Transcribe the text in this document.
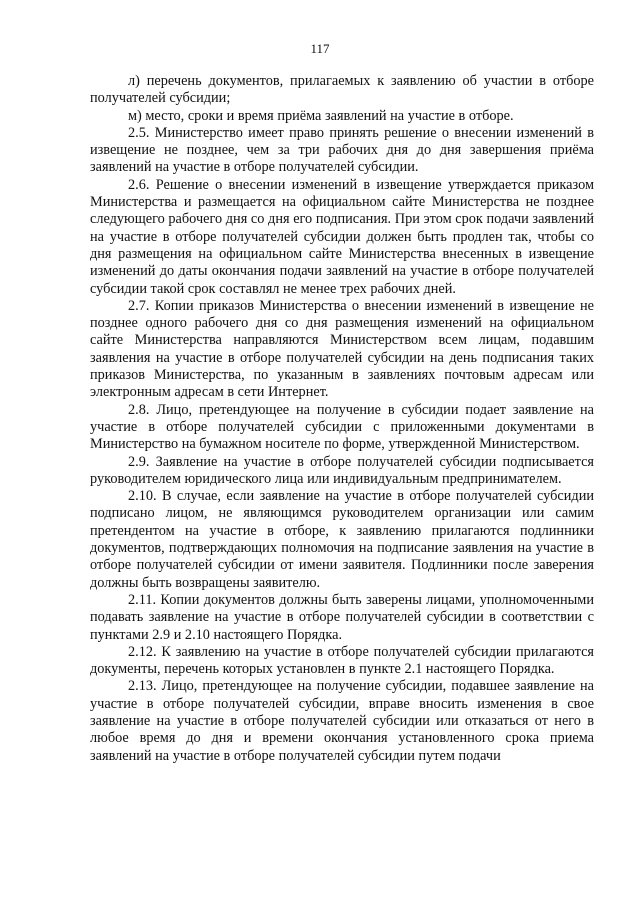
117

л) перечень документов, прилагаемых к заявлению об участии в отборе получателей субсидии;

м) место, сроки и время приёма заявлений на участие в отборе.

2.5. Министерство имеет право принять решение о внесении изменений в извещение не позднее, чем за три рабочих дня до дня завершения приёма заявлений на участие в отборе получателей субсидии.

2.6. Решение о внесении изменений в извещение утверждается приказом Министерства и размещается на официальном сайте Министерства не позднее следующего рабочего дня со дня его подписания. При этом срок подачи заявлений на участие в отборе получателей субсидии должен быть продлен так, чтобы со дня размещения на официальном сайте Министерства внесенных в извещение изменений до даты окончания подачи заявлений на участие в отборе получателей субсидии такой срок составлял не менее трех рабочих дней.

2.7. Копии приказов Министерства о внесении изменений в извещение не позднее одного рабочего дня со дня размещения изменений на официальном сайте Министерства направляются Министерством всем лицам, подавшим заявления на участие в отборе получателей субсидии на день подписания таких приказов Министерства, по указанным в заявлениях почтовым адресам или электронным адресам в сети Интернет.

2.8. Лицо, претендующее на получение в субсидии подает заявление на участие в отборе получателей субсидии с приложенными документами в Министерство на бумажном носителе по форме, утвержденной Министерством.

2.9. Заявление на участие в отборе получателей субсидии подписывается руководителем юридического лица или индивидуальным предпринимателем.

2.10. В случае, если заявление на участие в отборе получателей субсидии подписано лицом, не являющимся руководителем организации или самим претендентом на участие в отборе, к заявлению прилагаются подлинники документов, подтверждающих полномочия на подписание заявления на участие в отборе получателей субсидии от имени заявителя. Подлинники после заверения должны быть возвращены заявителю.

2.11. Копии документов должны быть заверены лицами, уполномоченными подавать заявление на участие в отборе получателей субсидии в соответствии с пунктами 2.9 и 2.10 настоящего Порядка.

2.12. К заявлению на участие в отборе получателей субсидии прилагаются документы, перечень которых установлен в пункте 2.1 настоящего Порядка.

2.13. Лицо, претендующее на получение субсидии, подавшее заявление на участие в отборе получателей субсидии, вправе вносить изменения в свое заявление на участие в отборе получателей субсидии или отказаться от него в любое время до дня и времени окончания установленного срока приема заявлений на участие в отборе получателей субсидии путем подачи
